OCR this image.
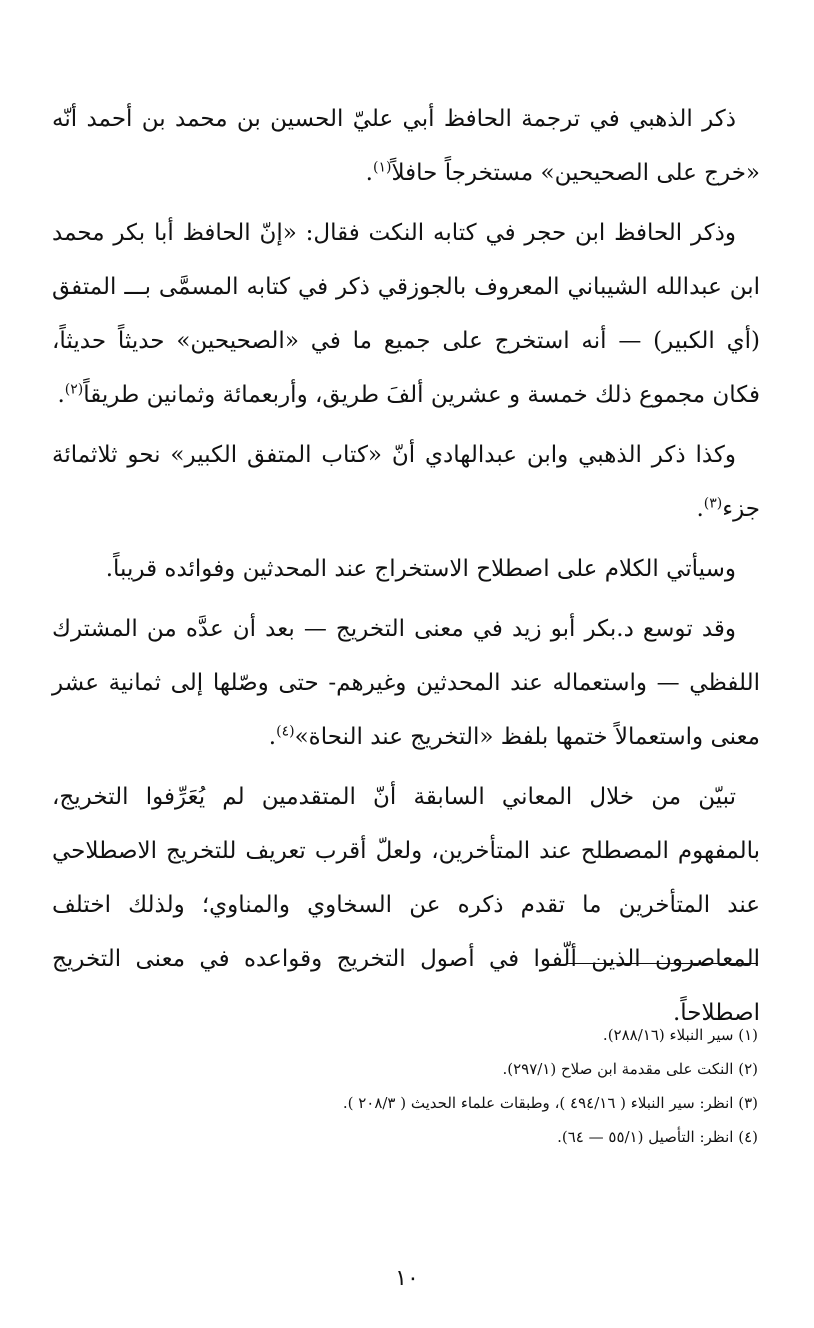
ذكر الذهبي في ترجمة الحافظ أبي عليّ الحسين بن محمد بن أحمد أنّه «خرج على الصحيحين» مستخرجاً حافلاً$^{(١)}$.

وذكر الحافظ ابن حجر في كتابه النكت فقال: «إنّ الحافظ أبا بكر محمد ابن عبدالله الشيباني المعروف بالجوزقي ذكر في كتابه المسمَّى بـــ المتفق (أي الكبير) — أنه استخرج على جميع ما في «الصحيحين» حديثاً حديثاً، فكان مجموع ذلك خمسة و عشرين ألفَ طريق، وأربعمائة وثمانين طريقاً$^{(٢)}$.

وكذا ذكر الذهبي وابن عبدالهادي أنّ «كتاب المتفق الكبير» نحو ثلاثمائة جزء$^{(٣)}$.

وسيأتي الكلام على اصطلاح الاستخراج عند المحدثين وفوائده قريباً.

وقد توسع د.بكر أبو زيد في معنى التخريج — بعد أن عدَّه من المشترك اللفظي — واستعماله عند المحدثين وغيرهم- حتى وصّلها إلى ثمانية عشر معنى واستعمالاً ختمها بلفظ «التخريج عند النحاة»$^{(٤)}$.

تبيّن من خلال المعاني السابقة أنّ المتقدمين لم يُعَرِّفوا التخريج، بالمفهوم المصطلح عند المتأخرين، ولعلّ أقرب تعريف للتخريج الاصطلاحي عند المتأخرين ما تقدم ذكره عن السخاوي والمناوي؛ ولذلك اختلف المعاصرون الذين ألّفوا في أصول التخريج وقواعده في معنى التخريج اصطلاحاً.

(١) سير النبلاء (٢٨٨/١٦).

(٢) النكت على مقدمة ابن صلاح (٢٩٧/١).

(٣) انظر: سير النبلاء ( ٤٩٤/١٦ )، وطبقات علماء الحديث ( ٢٠٨/٣ ).

(٤) انظر: التأصيل (٥٥/١ — ٦٤).

١٠
